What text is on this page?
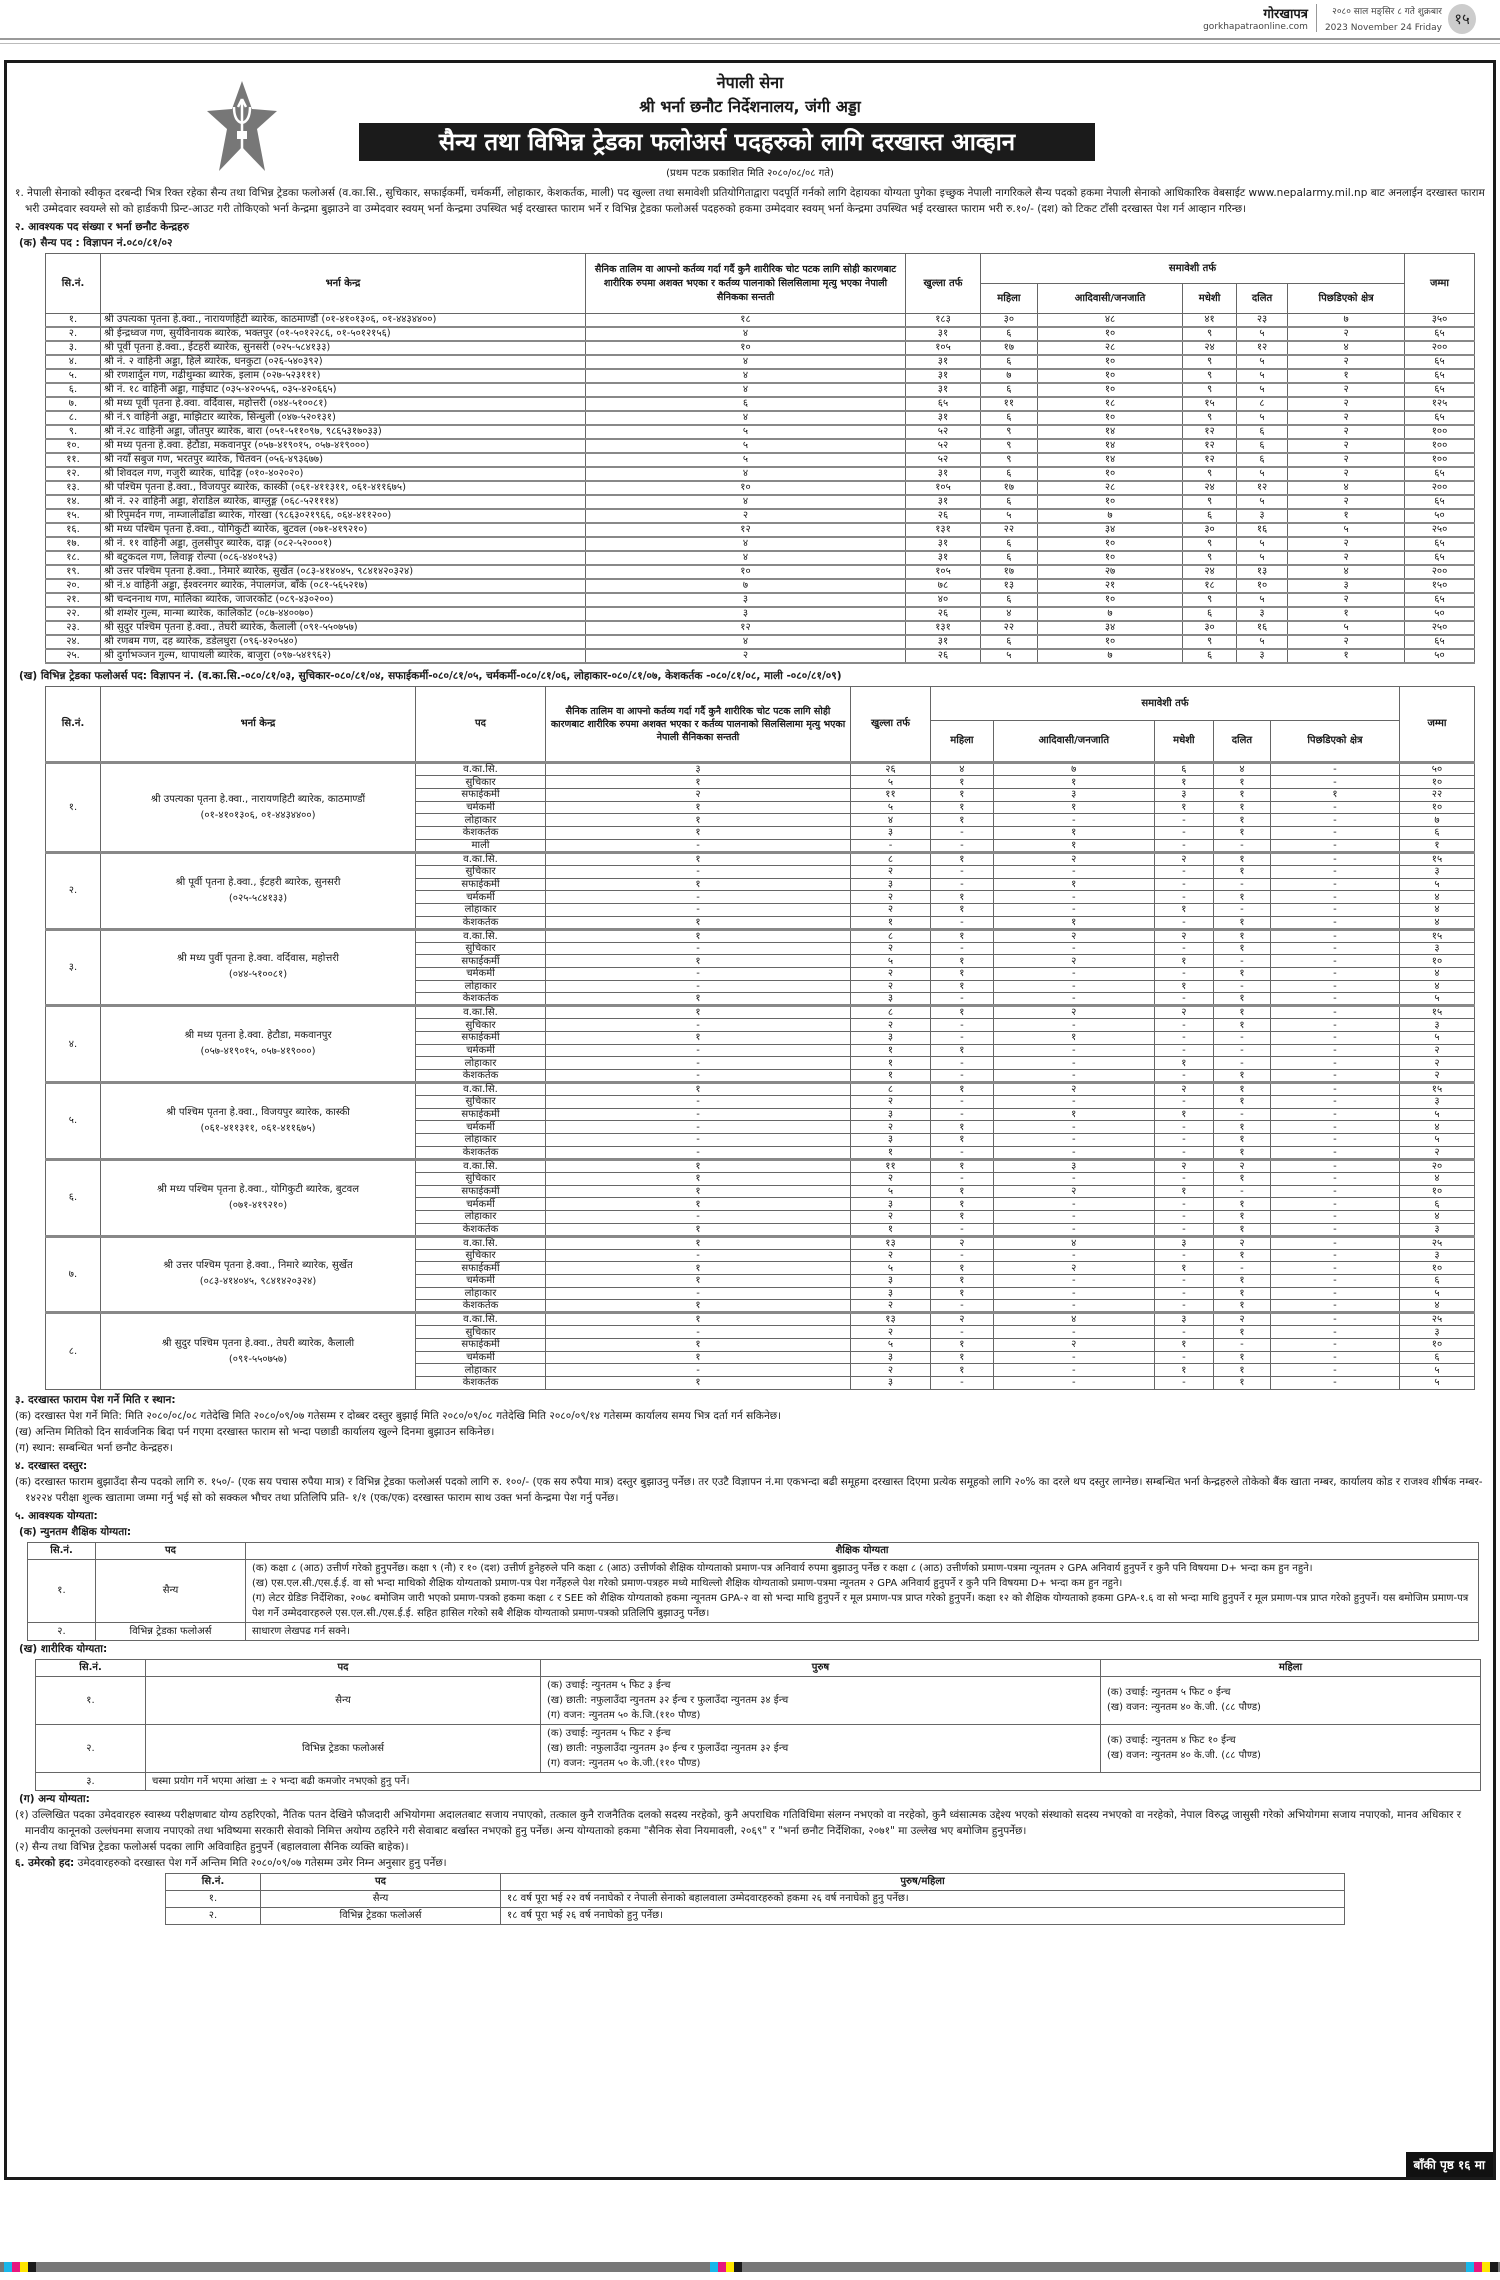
गोरखापत्र
gorkhapatraonline.com
२०८० साल मङ्सिर ८ गते शुक्रबार
2023 November 24 Friday १५
नेपाली सेना
श्री भर्ना छनौट निर्देशनालय, जंगी अड्डा
सैन्य तथा विभिन्न ट्रेडका फलोअर्स पदहरुको लागि दरखास्त आव्हान
(प्रथम पटक प्रकाशित मिति २०८०/०८/०८ गते)

१. नेपाली सेनाको स्वीकृत दरबन्दी भित्र रिक्त रहेका सैन्य तथा विभिन्न ट्रेडका फलोअर्स (व.का.सि., सुचिकार, सफाईकर्मी, चर्मकर्मी, लोहाकार, केशकर्तक, माली) पद खुल्ला तथा समावेशी प्रतियोगिताद्वारा पदपूर्ति गर्नको लागि देहायका योग्यता पुगेका इच्छुक नेपाली नागरिकले सैन्य पदको हकमा नेपाली सेनाको आधिकारिक वेबसाईट www.nepalarmy.mil.np बाट अनलाईन दरखास्त फाराम भरी उम्मेदवार स्वयम्ले सो को हार्डकपी प्रिन्ट-आउट गरी तोकिएको भर्ना केन्द्रमा बुझाउने वा उम्मेदवार स्वयम् भर्ना केन्द्रमा उपस्थित भई दरखास्त फाराम भर्ने र विभिन्न ट्रेडका फलोअर्स पदहरुको हकमा उम्मेदवार स्वयम् भर्ना केन्द्रमा उपस्थित भई दरखास्त फाराम भरी रु.१०/- (दश) को टिकट टाँसी दरखास्त पेश गर्न आव्हान गरिन्छ।

२. आवश्यक पद संख्या र भर्ना छनौट केन्द्रहरु

(क) सैन्य पद : विज्ञापन नं.०८०/८१/०२

सि.नं.	भर्ना केन्द्र	सैनिक तालिम वा आफ्नो कर्तव्य गर्दा गर्दै कुनै शारीरिक चोट पटक लागि सोही कारणबाट शारीरिक रुपमा अशक्त भएका र कर्तव्य पालनाको सिलसिलामा मृत्यु भएका नेपाली सैनिकका सन्तती	खुल्ला तर्फ	समावेशी तर्फ					जम्मा
				महिला	आदिवासी/जनजाति	मधेशी	दलित	पिछडिएको क्षेत्र	
१.	श्री उपत्यका पृतना हे.क्वा., नारायणहिटी ब्यारेक, काठमाण्डौं (०१-४१०१३०६, ०१-४४३४४००)	१८	१८३	३०	४८	४१	२३	७	३५०
२.	श्री ईन्द्रध्वज गण, सुर्यविनायक ब्यारेक, भक्तपुर (०१-५०१२२८६, ०१-५०१२१५६)	४	३१	६	१०	९	५	२	६५
३.	श्री पूर्वी पृतना हे.क्वा., ईटहरी ब्यारेक, सुनसरी (०२५-५८४१३३)	१०	१०५	१७	२८	२४	१२	४	२००
४.	श्री नं. २ वाहिनी अड्डा, हिले ब्यारेक, धनकुटा (०२६-५४०३९२)	४	३१	६	१०	९	५	२	६५
५.	श्री रणशार्दुल गण, गढीथुम्का ब्यारेक, इलाम (०२७-५२३१११)	४	३१	७	१०	९	५	१	६५
६.	श्री नं. १८ वाहिनी अड्डा, गाईघाट (०३५-४२०५५६, ०३५-४२०६६५)	४	३१	६	१०	९	५	२	६५
७.	श्री मध्य पूर्वी पृतना हे.क्वा. वर्दिवास, महोत्तरी (०४४-५१००८१)	६	६५	११	१८	१५	८	२	१२५
८.	श्री नं.९ वाहिनी अड्डा, माझिटार ब्यारेक, सिन्धुली (०४७-५२०१३१)	४	३१	६	१०	९	५	२	६५
९.	श्री नं.२८ वाहिनी अड्डा, जीतपुर ब्यारेक, बारा (०५१-५११०९७, ९८६५३१७०३३)	५	५२	९	१४	१२	६	२	१००
१०.	श्री मध्य पृतना हे.क्वा. हेटौडा, मकवानपुर (०५७-४१९०१५, ०५७-४१९०००)	५	५२	९	१४	१२	६	२	१००
११.	श्री नयाँ सबुज गण, भरतपुर ब्यारेक, चितवन (०५६-४९३६७७)	५	५२	९	१४	१२	६	२	१००
१२.	श्री शिवदल गण, गजुरी ब्यारेक, धादिङ्ग (०१०-४०२०२०)	४	३१	६	१०	९	५	२	६५
१३.	श्री पश्चिम पृतना हे.क्वा., विजयपुर ब्यारेक, कास्की (०६१-४११३११, ०६१-४११६७५)	१०	१०५	१७	२८	२४	१२	४	२००
१४.	श्री नं. २२ वाहिनी अड्डा, शेराडिल ब्यारेक, बाग्लुङ्ग (०६८-५२१११४)	४	३१	६	१०	९	५	२	६५
१५.	श्री रिपुमर्दन गण, नाम्जालीढाँडा ब्यारेक, गोरखा (९८६३०२१९६६, ०६४-४११२००)	२	२६	५	७	६	३	१	५०
१६.	श्री मध्य पश्चिम पृतना हे.क्वा., योगिकुटी ब्यारेक, बुटवल (०७१-४१९२१०)	१२	१३१	२२	३४	३०	१६	५	२५०
१७.	श्री नं. ११ वाहिनी अड्डा, तुलसीपुर ब्यारेक, दाङ्ग (०८२-५२०००१)	४	३१	६	१०	९	५	२	६५
१८.	श्री बटुकदल गण, लिवाङ्ग रोल्पा (०८६-४४०१५३)	४	३१	६	१०	९	५	२	६५
१९.	श्री उत्तर पश्चिम पृतना हे.क्वा., निमारे ब्यारेक, सुर्खेत (०८३-४१४०४५, ९८४१४२०३२४)	१०	१०५	१७	२७	२४	१३	४	२००
२०.	श्री नं.४ वाहिनी अड्डा, ईश्वरनगर ब्यारेक, नेपालगंज, बाँके (०८१-५६५२१७)	७	७८	१३	२१	१८	१०	३	१५०
२१.	श्री चन्दननाथ गण, मालिका ब्यारेक, जाजरकोट (०८९-४३०२००)	३	४०	६	१०	९	५	२	६५
२२.	श्री शम्शेर गुल्म, मान्मा ब्यारेक, कालिकोट (०८७-४४००७०)	३	२६	४	७	६	३	१	५०
२३.	श्री सुदुर पश्चिम पृतना हे.क्वा., तेघरी ब्यारेक, कैलाली (०९१-५५०७५७)	१२	१३१	२२	३४	३०	१६	५	२५०
२४.	श्री रणबम गण, दह ब्यारेक, डडेलधुरा (०९६-४२०५४०)	४	३१	६	१०	९	५	२	६५
२५.	श्री दुर्गाभञ्जन गुल्म, थापाथली ब्यारेक, बाजुरा (०९७-५४१९६२)	२	२६	५	७	६	३	१	५०

(ख) विभिन्न ट्रेडका फलोअर्स पद: विज्ञापन नं. (व.का.सि.-०८०/८१/०३, सुचिकार-०८०/८१/०४, सफाईकर्मी-०८०/८१/०५, चर्मकर्मी-०८०/८१/०६, लोहाकार-०८०/८१/०७, केशकर्तक -०८०/८१/०८, माली -०८०/८१/०९)

सि.नं.	भर्ना केन्द्र	पद	सैनिक तालिम वा आफ्नो कर्तव्य गर्दा गर्दै कुनै शारीरिक चोट पटक लागि सोही कारणबाट शारीरिक रुपमा अशक्त भएका र कर्तव्य पालनाको सिलसिलामा मृत्यु भएका नेपाली सैनिकका सन्तती	खुल्ला तर्फ	समावेशी तर्फ					जम्मा
					महिला	आदिवासी/जनजाति	मधेशी	दलित	पिछडिएको क्षेत्र	
१.	श्री उपत्यका पृतना हे.क्वा., नारायणहिटी ब्यारेक, काठमाण्डौं
(०१-४१०१३०६, ०१-४४३४४००)	व.का.सि.	३	२६	४	७	६	४	-	५०
		सुचिकार	१	५	१	१	१	१	-	१०
		सफाईकर्मी	२	११	१	३	३	१	१	२२
		चर्मकर्मी	१	५	१	१	१	१	-	१०
		लोहाकार	१	४	१	-	-	१	-	७
		केशकर्तक	१	३	-	१	-	१	-	६
		माली	-	-	-	१	-	-	-	१
२.	श्री पूर्वी पृतना हे.क्वा., ईटहरी ब्यारेक, सुनसरी
(०२५-५८४१३३)	व.का.सि.	१	८	१	२	२	१	-	१५
		सुचिकार	-	२	-	-	-	१	-	३
		सफाईकर्मी	१	३	-	१	-	-	-	५
		चर्मकर्मी	-	२	१	-	-	१	-	४
		लोहाकार	-	२	१	-	१	-	-	४
		केशकर्तक	१	१	-	१	-	१	-	४
३.	श्री मध्य पुर्वी पृतना हे.क्वा. वर्दिवास, महोत्तरी
(०४४-५१००८१)	व.का.सि.	१	८	१	२	२	१	-	१५
		सुचिकार	-	२	-	-	-	१	-	३
		सफाईकर्मी	१	५	१	२	१	-	-	१०
		चर्मकर्मी	-	२	१	-	-	१	-	४
		लोहाकार	-	२	१	-	१	-	-	४
		केशकर्तक	१	३	-	-	-	१	-	५
४.	श्री मध्य पृतना हे.क्वा. हेटौडा, मकवानपुर
(०५७-४१९०१५, ०५७-४१९०००)	व.का.सि.	१	८	१	२	२	१	-	१५
		सुचिकार	-	२	-	-	-	१	-	३
		सफाईकर्मी	१	३	-	१	-	-	-	५
		चर्मकर्मी	-	१	१	-	-	-	-	२
		लोहाकार	-	१	-	-	१	-	-	२
		केशकर्तक	-	१	-	-	-	१	-	२
५.	श्री पश्चिम पृतना हे.क्वा., विजयपुर ब्यारेक, कास्की
(०६१-४११३११, ०६१-४११६७५)	व.का.सि.	१	८	१	२	२	१	-	१५
		सुचिकार	-	२	-	-	-	१	-	३
		सफाईकर्मी	-	३	-	१	१	-	-	५
		चर्मकर्मी	-	२	१	-	-	१	-	४
		लोहाकार	-	३	१	-	-	१	-	५
		केशकर्तक	-	१	-	-	-	१	-	२
६.	श्री मध्य पश्चिम पृतना हे.क्वा., योगिकुटी ब्यारेक, बुटवल
(०७१-४१९२१०)	व.का.सि.	१	११	१	३	२	२	-	२०
		सुचिकार	१	२	-	-	-	१	-	४
		सफाईकर्मी	१	५	१	२	१	-	-	१०
		चर्मकर्मी	१	३	१	-	-	१	-	६
		लोहाकार	-	२	१	-	-	१	-	४
		केशकर्तक	१	१	-	-	-	१	-	३
७.	श्री उत्तर पश्चिम पृतना हे.क्वा., निमारे ब्यारेक, सुर्खेत
(०८३-४१४०४५, ९८४१४२०३२४)	व.का.सि.	१	१३	२	४	३	२	-	२५
		सुचिकार	-	२	-	-	-	१	-	३
		सफाईकर्मी	१	५	१	२	१	-	-	१०
		चर्मकर्मी	१	३	१	-	-	१	-	६
		लोहाकार	-	३	१	-	-	१	-	५
		केशकर्तक	१	२	-	-	-	१	-	४
८.	श्री सुदुर पश्चिम पृतना हे.क्वा., तेघरी ब्यारेक, कैलाली
(०९१-५५०७५७)	व.का.सि.	१	१३	२	४	३	२	-	२५
		सुचिकार	-	२	-	-	-	१	-	३
		सफाईकर्मी	१	५	१	२	१	-	-	१०
		चर्मकर्मी	१	३	१	-	-	१	-	६
		लोहाकार	-	२	१	-	१	१	-	५
		केशकर्तक	१	३	-	-	-	१	-	५

३. दरखास्त फाराम पेश गर्ने मिति र स्थान:

(क) दरखास्त पेश गर्ने मिति: मिति २०८०/०८/०८ गतेदेखि मिति २०८०/०९/०७ गतेसम्म र दोब्बर दस्तुर बुझाई मिति २०८०/०९/०८ गतेदेखि मिति २०८०/०९/१४ गतेसम्म कार्यालय समय भित्र दर्ता गर्न सकिनेछ।

(ख) अन्तिम मितिको दिन सार्वजनिक बिदा पर्न गएमा दरखास्त फाराम सो भन्दा पछाडी कार्यालय खुल्ने दिनमा बुझाउन सकिनेछ।

(ग) स्थान: सम्बन्धित भर्ना छनौट केन्द्रहरु।

४. दरखास्त दस्तुर:

(क) दरखास्त फाराम बुझाउँदा सैन्य पदको लागि रु. १५०/- (एक सय पचास रुपैया मात्र) र विभिन्न ट्रेडका फलोअर्स पदको लागि रु. १००/- (एक सय रुपैया मात्र) दस्तुर बुझाउनु पर्नेछ। तर एउटै विज्ञापन नं.मा एकभन्दा बढी समूहमा दरखास्त दिएमा प्रत्येक समूहको लागि २०% का दरले थप दस्तुर लाग्नेछ। सम्बन्धित भर्ना केन्द्रहरुले तोकेको बैंक खाता नम्बर, कार्यालय कोड र राजश्व शीर्षक नम्बर- १४२२४ परीक्षा शुल्क खातामा जम्मा गर्नु भई सो को सक्कल भौचर तथा प्रतिलिपि प्रति- १/१ (एक/एक) दरखास्त फाराम साथ उक्त भर्ना केन्द्रमा पेश गर्नु पर्नेछ।

५. आवश्यक योग्यता:

(क) न्युनतम शैक्षिक योग्यता:

सि.नं.	पद	शैक्षिक योग्यता
१.	सैन्य	(क) कक्षा ८ (आठ) उत्तीर्ण गरेको हुनुपर्नेछ। कक्षा ९ (नौ) र १० (दश) उत्तीर्ण हुनेहरुले पनि कक्षा ८ (आठ) उत्तीर्णको शैक्षिक योग्यताको प्रमाण-पत्र अनिवार्य रुपमा बुझाउनु पर्नेछ र कक्षा ८ (आठ) उत्तीर्णको प्रमाण-पत्रमा न्यूनतम २ GPA अनिवार्य हुनुपर्ने र कुनै पनि विषयमा D+ भन्दा कम हुन नहुने।
(ख) एस.एल.सी./एस.ई.ई. वा सो भन्दा माथिको शैक्षिक योग्यताको प्रमाण-पत्र पेश गर्नेहरुले पेश गरेको प्रमाण-पत्रहरु मध्ये माथिल्लो शैक्षिक योग्यताको प्रमाण-पत्रमा न्यूनतम २ GPA अनिवार्य हुनुपर्ने र कुनै पनि विषयमा D+ भन्दा कम हुन नहुने।
(ग) लेटर ग्रेडिङ निर्देशिका, २०७८ बमोजिम जारी भएको प्रमाण-पत्रको हकमा कक्षा ८ र SEE को शैक्षिक योग्यताको हकमा न्यूनतम GPA-२ वा सो भन्दा माथि हुनुपर्ने र मूल प्रमाण-पत्र प्राप्त गरेको हुनुपर्ने। कक्षा १२ को शैक्षिक योग्यताको हकमा GPA-१.६ वा सो भन्दा माथि हुनुपर्ने र मूल प्रमाण-पत्र प्राप्त गरेको हुनुपर्ने। यस बमोजिम प्रमाण-पत्र पेश गर्ने उम्मेदवारहरुले एस.एल.सी./एस.ई.ई. सहित हासिल गरेको सबै शैक्षिक योग्यताको प्रमाण-पत्रको प्रतिलिपि बुझाउनु पर्नेछ।

२.	विभिन्न ट्रेडका फलोअर्स	साधारण लेखपढ गर्न सक्ने।

(ख) शारीरिक योग्यता:

सि.नं.	पद	पुरुष	महिला
१.	सैन्य	
(क) उचाई: न्युनतम ५ फिट ३ ईन्च
(ख) छाती: नफुलाउँदा न्युनतम ३२ ईन्च र फुलाउँदा न्युनतम ३४ ईन्च
(ग) वजन: न्युनतम ५० के.जि.(११० पौण्ड)

(क) उचाई: न्युनतम ५ फिट ० ईन्च
(ख) वजन: न्युनतम ४० के.जी. (८८ पौण्ड)

२.	विभिन्न ट्रेडका फलोअर्स	
(क) उचाई: न्युनतम ५ फिट २ ईन्च
(ख) छाती: नफुलाउँदा न्युनतम ३० ईन्च र फुलाउँदा न्युनतम ३२ ईन्च
(ग) वजन: न्युनतम ५० के.जी.(११० पौण्ड)

(क) उचाई: न्युनतम ४ फिट १० ईन्च
(ख) वजन: न्युनतम ४० के.जी. (८८ पौण्ड)

३.	चस्मा प्रयोग गर्ने भएमा आंखा ± २ भन्दा बढी कमजोर नभएको हुनु पर्ने।		

(ग) अन्य योग्यता:

(१) उल्लिखित पदका उमेदवारहरु स्वास्थ्य परीक्षणबाट योग्य ठहरिएको, नैतिक पतन देखिने फौजदारी अभियोगमा अदालतबाट सजाय नपाएको, तत्काल कुनै राजनैतिक दलको सदस्य नरहेको, कुनै अपराधिक गतिविधिमा संलग्न नभएको वा नरहेको, कुनै ध्वंसात्मक उद्देश्य भएको संस्थाको सदस्य नभएको वा नरहेको, नेपाल विरुद्ध जासुसी गरेको अभियोगमा सजाय नपाएको, मानव अधिकार र मानवीय कानूनको उल्लंघनमा सजाय नपाएको तथा भविष्यमा सरकारी सेवाको निमित्त अयोग्य ठहरिने गरी सेवाबाट बर्खास्त नभएको हुनु पर्नेछ। अन्य योग्यताको हकमा "सैनिक सेवा नियमावली, २०६९" र "भर्ना छनौट निर्देशिका, २०७१" मा उल्लेख भए बमोजिम हुनुपर्नेछ।

(२) सैन्य तथा विभिन्न ट्रेडका फलोअर्स पदका लागि अविवाहित हुनुपर्ने (बहालवाला सैनिक व्यक्ति बाहेक)।

६. उमेरको हद: उमेदवारहरुको दरखास्त पेश गर्ने अन्तिम मिति २०८०/०९/०७ गतेसम्म उमेर निम्न अनुसार हुनु पर्नेछ।

सि.नं.	पद	पुरुष/महिला
१.	सैन्य	१८ वर्ष पूरा भई २२ वर्ष ननाघेको र नेपाली सेनाको बहालवाला उम्मेदवारहरुको हकमा २६ वर्ष ननाघेको हुनु पर्नेछ।
२.	विभिन्न ट्रेडका फलोअर्स	१८ वर्ष पूरा भई २६ वर्ष ननाघेको हुनु पर्नेछ।
बाँकी पृष्ठ १६ मा
